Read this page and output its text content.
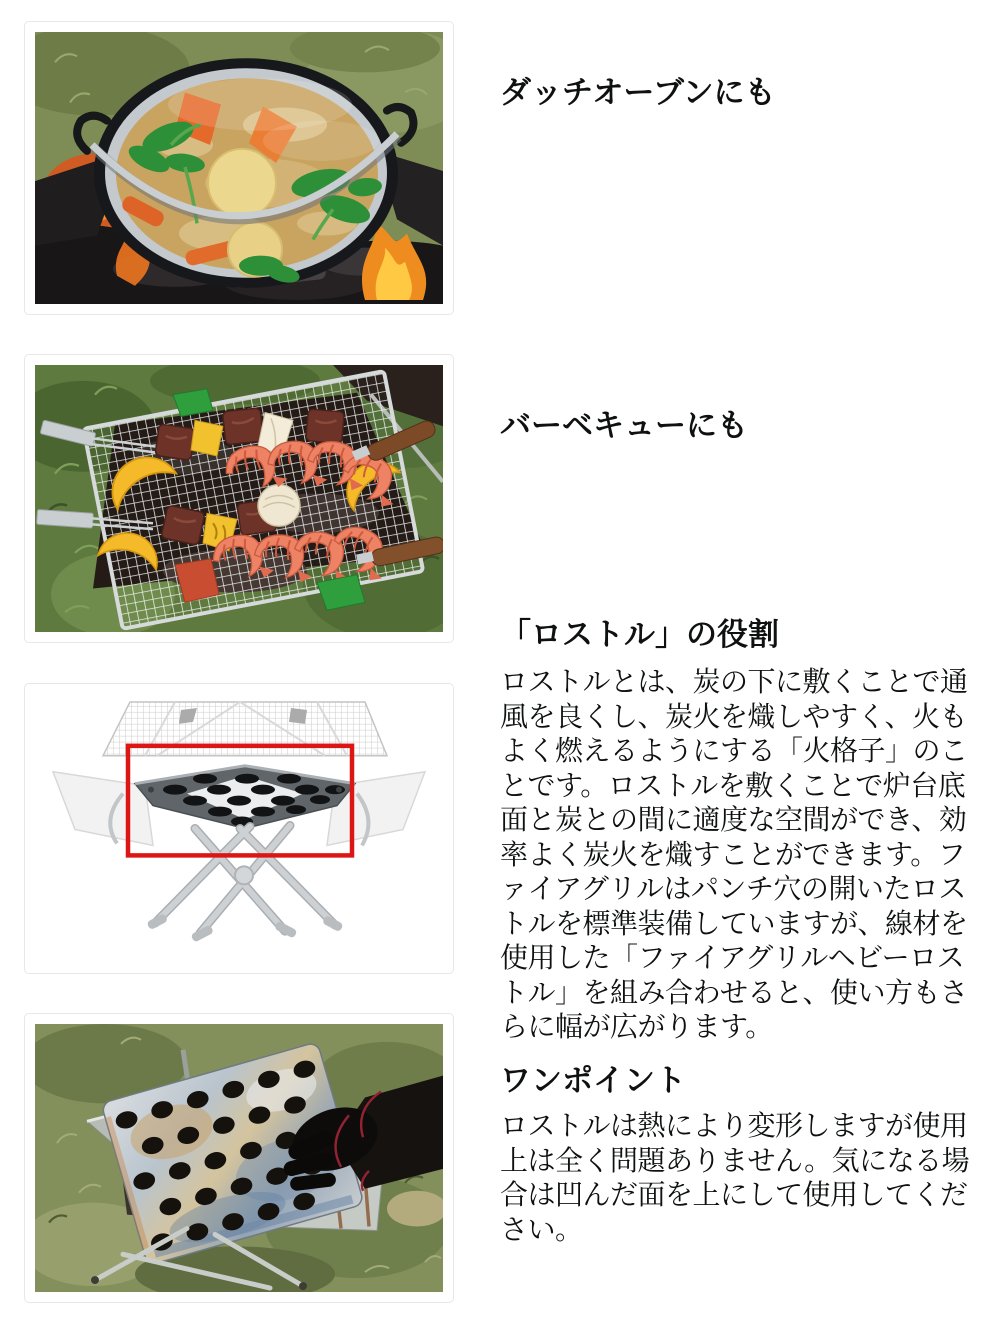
ダッチオーブンにも
バーベキューにも
「ロストル」の役割

ロストルとは、炭の下に敷くことで通風を良くし、炭火を熾しやすく、火もよく燃えるようにする「火格子」のことです。ロストルを敷くことで炉台底面と炭との間に適度な空間ができ、効率よく炭火を熾すことができます。ファイアグリルはパンチ穴の開いたロストルを標準装備していますが、線材を使用した「ファイアグリルヘビーロストル」を組み合わせると、使い方もさらに幅が広がります。

ワンポイント

ロストルは熱により変形しますが使用上は全く問題ありません。気になる場合は凹んだ面を上にして使用してください。
